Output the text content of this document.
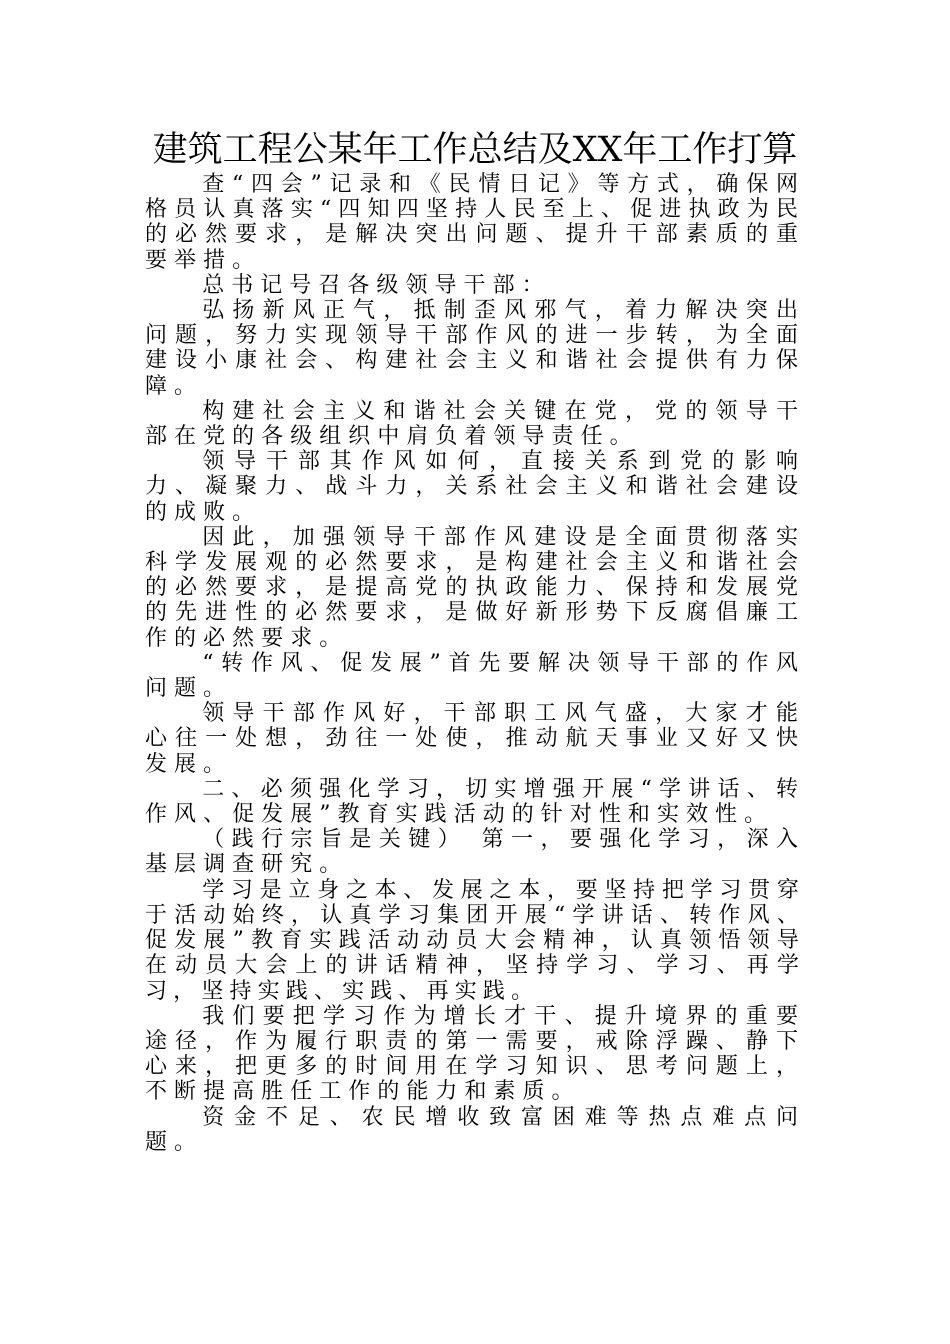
建筑工程公某年工作总结及XX年工作打算

查“四会”记录和《民情日记》等方式，确保网格员认真落实“四知四坚持人民至上、促进执政为民的必然要求，是解决突出问题、提升干部素质的重要举措。

总书记号召各级领导干部：

弘扬新风正气，抵制歪风邪气，着力解决突出问题，努力实现领导干部作风的进一步转，为全面建设小康社会、构建社会主义和谐社会提供有力保障。

构建社会主义和谐社会关键在党，党的领导干部在党的各级组织中肩负着领导责任。

领导干部其作风如何，直接关系到党的影响力、凝聚力、战斗力，关系社会主义和谐社会建设的成败。

因此，加强领导干部作风建设是全面贯彻落实科学发展观的必然要求，是构建社会主义和谐社会的必然要求，是提高党的执政能力、保持和发展党的先进性的必然要求，是做好新形势下反腐倡廉工作的必然要求。

“转作风、促发展”首先要解决领导干部的作风问题。

领导干部作风好，干部职工风气盛，大家才能心往一处想，劲往一处使，推动航天事业又好又快发展。

二、必须强化学习，切实增强开展“学讲话、转作风、促发展”教育实践活动的针对性和实效性。

（践行宗旨是关键） 第一，要强化学习，深入基层调查研究。

学习是立身之本、发展之本，要坚持把学习贯穿于活动始终，认真学习集团开展“学讲话、转作风、促发展”教育实践活动动员大会精神，认真领悟领导在动员大会上的讲话精神，坚持学习、学习、再学习，坚持实践、实践、再实践。

我们要把学习作为增长才干、提升境界的重要途径，作为履行职责的第一需要，戒除浮躁、静下心来，把更多的时间用在学习知识、思考问题上，不断提高胜任工作的能力和素质。

资金不足、农民增收致富困难等热点难点问题。
